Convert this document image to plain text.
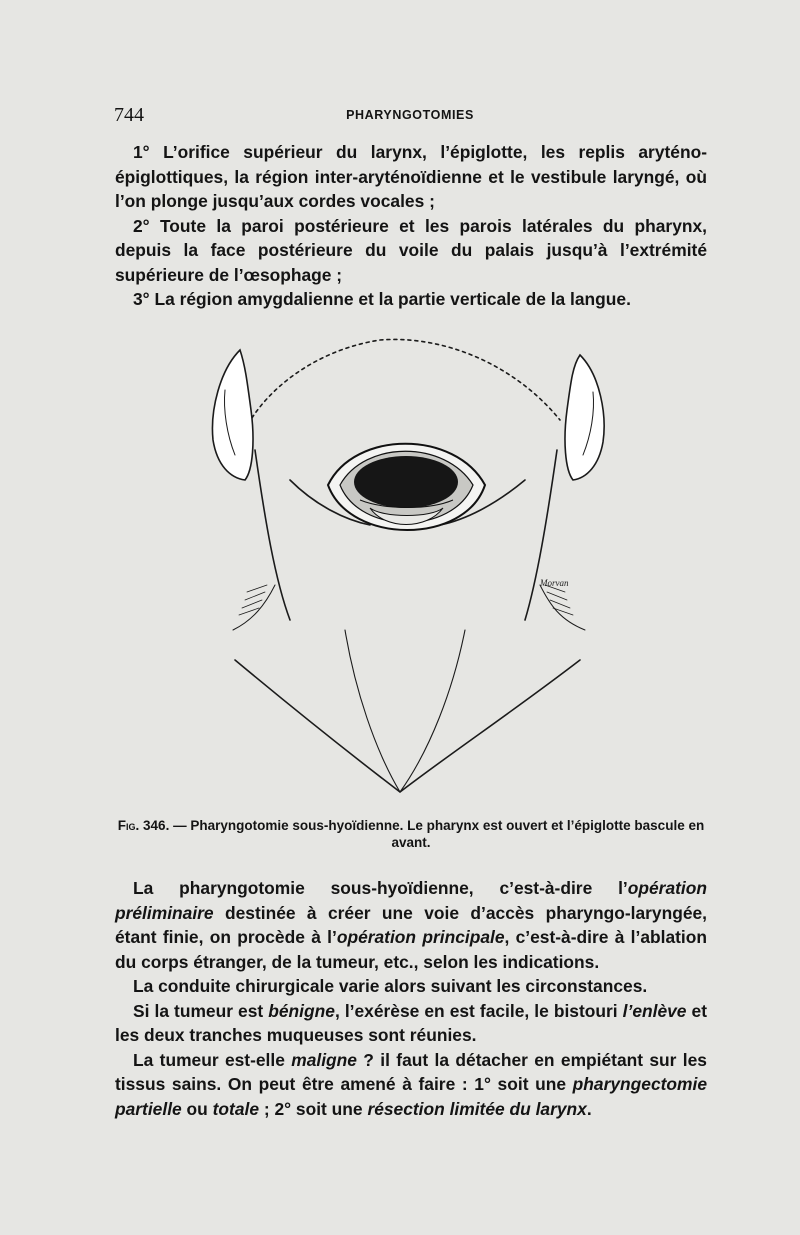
744	PHARYNGOTOMIES

1° L’orifice supérieur du larynx, l’épiglotte, les replis aryténo-épiglottiques, la région inter-aryténoïdienne et le vestibule laryngé, où l’on plonge jusqu’aux cordes vocales ;

2° Toute la paroi postérieure et les parois latérales du pharynx, depuis la face postérieure du voile du palais jusqu’à l’extrémité supérieure de l’œsophage ;

3° La région amygdalienne et la partie verticale de la langue.

Morvan
Fig. 346. — Pharyngotomie sous-hyoïdienne. Le pharynx est ouvert et l’épiglotte bascule en avant.

La pharyngotomie sous-hyoïdienne, c’est-à-dire l’opération préliminaire destinée à créer une voie d’accès pharyngo-laryngée, étant finie, on procède à l’opération principale, c’est-à-dire à l’ablation du corps étranger, de la tumeur, etc., selon les indications.

La conduite chirurgicale varie alors suivant les circonstances.

Si la tumeur est bénigne, l’exérèse en est facile, le bistouri l’enlève et les deux tranches muqueuses sont réunies.

La tumeur est-elle maligne ? il faut la détacher en empiétant sur les tissus sains. On peut être amené à faire : 1° soit une pharyngectomie partielle ou totale ; 2° soit une résection limitée du larynx.
